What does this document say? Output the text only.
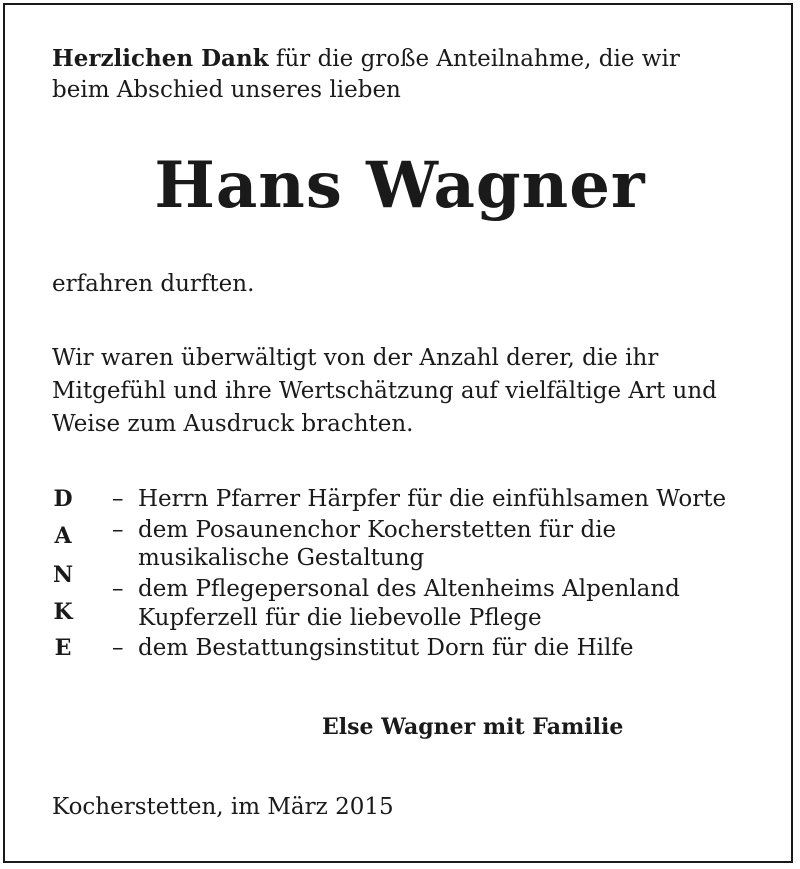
Herzlichen Dank für die große Anteilnahme, die wir
beim Abschied unseres lieben
Hans Wagner
erfahren durften.
Wir waren überwältigt von der Anzahl derer, die ihr
Mitgefühl und ihre Wertschätzung auf vielfältige Art und
Weise zum Ausdruck brachten.
D
A
N
K
E
– Herrn Pfarrer Härpfer für die einfühlsamen Worte
– dem Posaunenchor Kocherstetten für die
musikalische Gestaltung
– dem Pflegepersonal des Altenheims Alpenland
Kupferzell für die liebevolle Pflege
– dem Bestattungsinstitut Dorn für die Hilfe
Else Wagner mit Familie
Kocherstetten, im März 2015
